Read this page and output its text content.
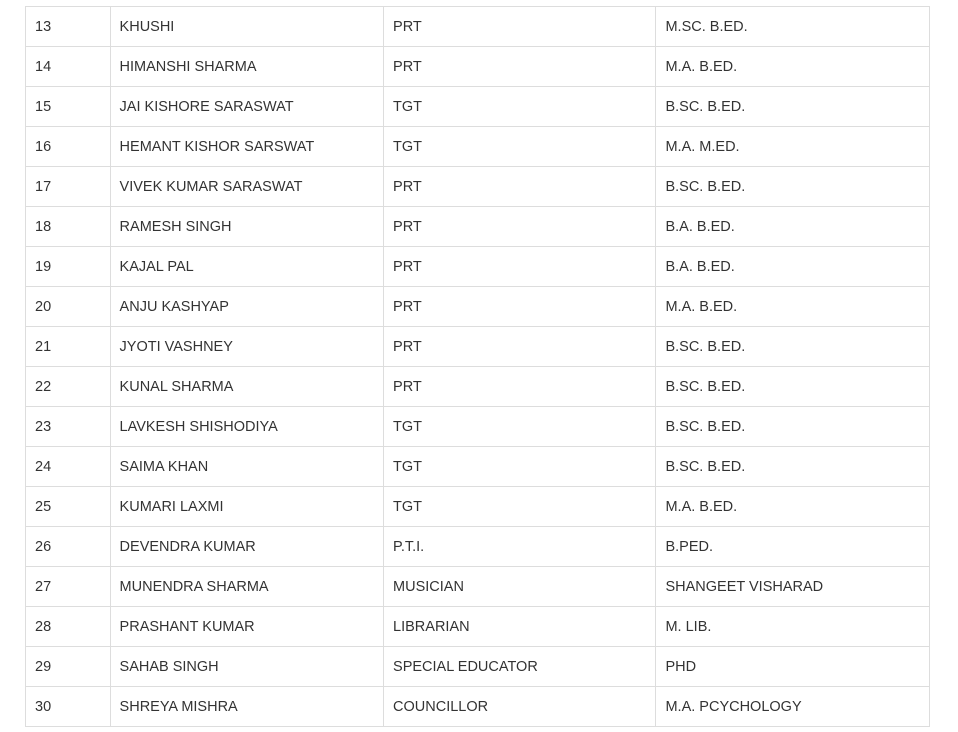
13	KHUSHI	PRT	M.SC. B.ED.
14	HIMANSHI SHARMA	PRT	M.A. B.ED.
15	JAI KISHORE SARASWAT	TGT	B.SC. B.ED.
16	HEMANT KISHOR SARSWAT	TGT	M.A. M.ED.
17	VIVEK KUMAR SARASWAT	PRT	B.SC. B.ED.
18	RAMESH SINGH	PRT	B.A. B.ED.
19	KAJAL PAL	PRT	B.A. B.ED.
20	ANJU KASHYAP	PRT	M.A. B.ED.
21	JYOTI VASHNEY	PRT	B.SC. B.ED.
22	KUNAL SHARMA	PRT	B.SC. B.ED.
23	LAVKESH SHISHODIYA	TGT	B.SC. B.ED.
24	SAIMA KHAN	TGT	B.SC. B.ED.
25	KUMARI LAXMI	TGT	M.A. B.ED.
26	DEVENDRA KUMAR	P.T.I.	B.PED.
27	MUNENDRA SHARMA	MUSICIAN	SHANGEET VISHARAD
28	PRASHANT KUMAR	LIBRARIAN	M. LIB.
29	SAHAB SINGH	SPECIAL EDUCATOR	PHD
30	SHREYA MISHRA	COUNCILLOR	M.A. PCYCHOLOGY
